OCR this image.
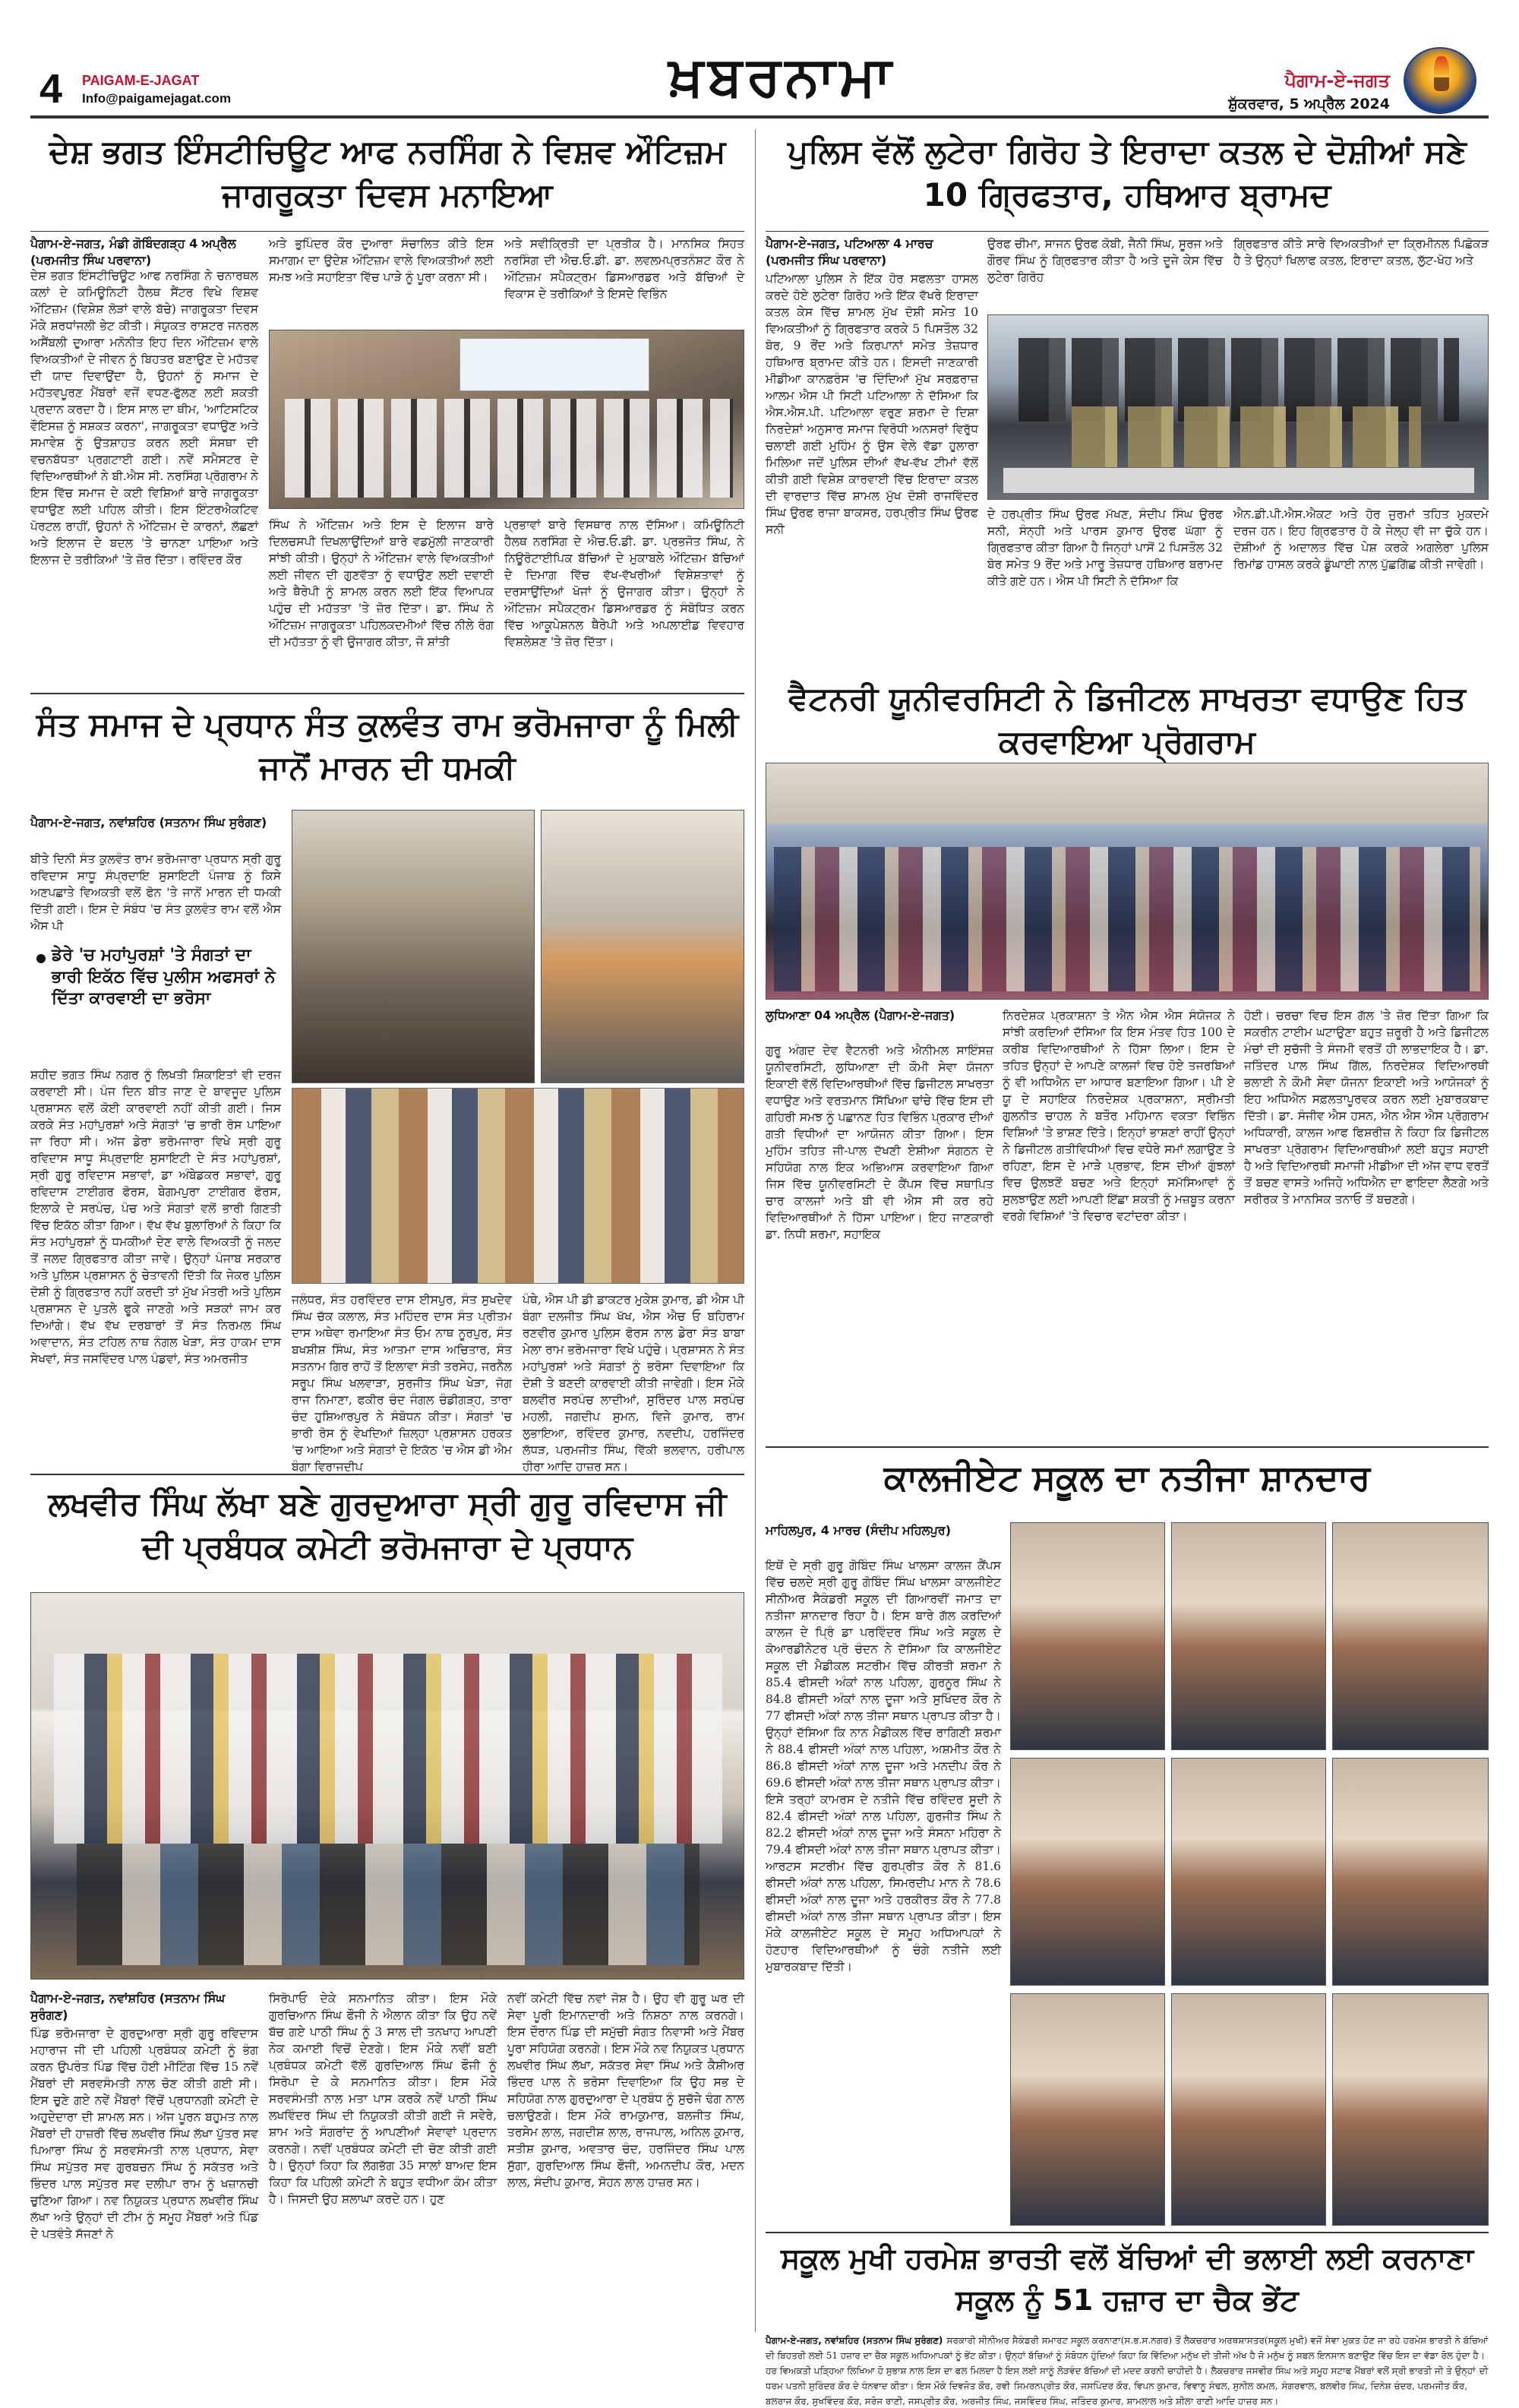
4 PAIGAM-E-JAGAT
Info@paigamejagat.com	ਖ਼ਬਰਨਾਮਾ	ਪੈਗਾਮ-ਏ-ਜਗਤ
ਸ਼ੁੱਕਰਵਾਰ, 5 ਅਪ੍ਰੈਲ 2024
ਦੇਸ਼ ਭਗਤ ਇੰਸਟੀਚਿਊਟ ਆਫ ਨਰਸਿੰਗ ਨੇ ਵਿਸ਼ਵ ਔਟਿਜ਼ਮ ਜਾਗਰੂਕਤਾ ਦਿਵਸ ਮਨਾਇਆ
ਪੈਗਾਮ-ਏ-ਜਗਤ, ਮੰਡੀ ਗੋਬਿੰਦਗੜ੍ਹ 4 ਅਪ੍ਰੈਲ (ਪਰਮਜੀਤ ਸਿੰਘ ਪਰਵਾਨਾ)
ਦੇਸ਼ ਭਗਤ ਇੰਸਟੀਚਿਊਟ ਆਫ ਨਰਸਿੰਗ ਨੇ ਚਨਾਰਥਲ ਕਲਾਂ ਦੇ ਕਮਿਊਨਿਟੀ ਹੈਲਥ ਸੈਂਟਰ ਵਿਖੇ ਵਿਸ਼ਵ ਔਟਿਜ਼ਮ (ਵਿਸ਼ੇਸ਼ ਲੋੜਾਂ ਵਾਲੇ ਬੱਚੇ) ਜਾਗਰੂਕਤਾ ਦਿਵਸ ਮੌਕੇ ਸ਼ਰਧਾਂਜਲੀ ਭੇਟ ਕੀਤੀ। ਸੰਯੁਕਤ ਰਾਸ਼ਟਰ ਜਨਰਲ ਅਸੈਂਬਲੀ ਦੁਆਰਾ ਮਨੋਨੀਤ ਇਹ ਦਿਨ ਔਟਿਜ਼ਮ ਵਾਲੇ ਵਿਅਕਤੀਆਂ ਦੇ ਜੀਵਨ ਨੂੰ ਬਿਹਤਰ ਬਣਾਉਣ ਦੇ ਮਹੱਤਵ ਦੀ ਯਾਦ ਦਿਵਾਉਂਦਾ ਹੈ, ਉਹਨਾਂ ਨੂੰ ਸਮਾਜ ਦੇ ਮਹੱਤਵਪੂਰਣ ਮੈਂਬਰਾਂ ਵਜੋਂ ਵਧਣ-ਫੁੱਲਣ ਲਈ ਸ਼ਕਤੀ ਪ੍ਰਦਾਨ ਕਰਦਾ ਹੈ। ਇਸ ਸਾਲ ਦਾ ਥੀਮ, 'ਆਟਿਸਟਿਕ ਵੌਇਸਜ਼ ਨੂੰ ਸਸ਼ਕਤ ਕਰਨਾ', ਜਾਗਰੂਕਤਾ ਵਧਾਉਣ ਅਤੇ ਸਮਾਵੇਸ਼ ਨੂੰ ਉਤਸ਼ਾਹਤ ਕਰਨ ਲਈ ਸੰਸਥਾ ਦੀ ਵਚਨਬੱਧਤਾ ਪ੍ਰਗਟਾਈ ਗਈ। ਨਵੇਂ ਸਮੈਸਟਰ ਦੇ ਵਿਦਿਆਰਥੀਆਂ ਨੇ ਬੀ.ਐਸ ਸੀ. ਨਰਸਿੰਗ ਪ੍ਰੋਗਰਾਮ ਨੇ ਇਸ ਵਿੱਚ ਸਮਾਜ ਦੇ ਕਈ ਵਿਸ਼ਿਆਂ ਬਾਰੇ ਜਾਗਰੂਕਤਾ ਵਧਾਉਣ ਲਈ ਪਹਿਲ ਕੀਤੀ। ਇਸ ਇੰਟਰਐਕਟਿਵ ਪੋਰਟਲ ਰਾਹੀਂ, ਉਹਨਾਂ ਨੇ ਔਟਿਜ਼ਮ ਦੇ ਕਾਰਨਾਂ, ਲੱਛਣਾਂ ਅਤੇ ਇਲਾਜ ਦੇ ਬਦਲ 'ਤੇ ਚਾਨਣਾ ਪਾਇਆ ਅਤੇ ਇਲਾਜ ਦੇ ਤਰੀਕਿਆਂ 'ਤੇ ਜ਼ੋਰ ਦਿੱਤਾ। ਰਵਿੰਦਰ ਕੌਰ
ਅਤੇ ਭੁਪਿੰਦਰ ਕੌਰ ਦੁਆਰਾ ਸੰਚਾਲਿਤ ਕੀਤੇ ਇਸ ਸਮਾਗਮ ਦਾ ਉਦੇਸ਼ ਔਟਿਜ਼ਮ ਵਾਲੇ ਵਿਅਕਤੀਆਂ ਲਈ ਸਮਝ ਅਤੇ ਸਹਾਇਤਾ ਵਿੱਚ ਪਾੜੇ ਨੂੰ ਪੂਰਾ ਕਰਨਾ ਸੀ।
ਅਤੇ ਸਵੀਕ੍ਰਿਤੀ ਦਾ ਪ੍ਰਤੀਕ ਹੈ। ਮਾਨਸਿਕ ਸਿਹਤ ਨਰਸਿੰਗ ਦੀ ਐਚ.ਓ.ਡੀ. ਡਾ. ਲਵਲਮਪ੍ਰਤਨੰਸ਼ਟ ਕੌਰ ਨੇ ਔਟਿਜ਼ਮ ਸਪੈਕਟ੍ਰਮ ਡਿਸਆਰਡਰ ਅਤੇ ਬੱਚਿਆਂ ਦੇ ਵਿਕਾਸ ਦੇ ਤਰੀਕਿਆਂ ਤੇ ਇਸਦੇ ਵਿਭਿੰਨ
ਸਿੰਘ ਨੇ ਔਟਿਜ਼ਮ ਅਤੇ ਇਸ ਦੇ ਇਲਾਜ ਬਾਰੇ ਦਿਲਚਸਪੀ ਦਿਖਲਾਉਂਦਿਆਂ ਬਾਰੇ ਵਡਮੁੱਲੀ ਜਾਣਕਾਰੀ ਸਾਂਝੀ ਕੀਤੀ। ਉਨ੍ਹਾਂ ਨੇ ਔਟਿਜ਼ਮ ਵਾਲੇ ਵਿਅਕਤੀਆਂ ਲਈ ਜੀਵਨ ਦੀ ਗੁਣਵੱਤਾ ਨੂੰ ਵਧਾਉਣ ਲਈ ਦਵਾਈ ਅਤੇ ਥੈਰੇਪੀ ਨੂੰ ਸ਼ਾਮਲ ਕਰਨ ਲਈ ਇੱਕ ਵਿਆਪਕ ਪਹੁੰਚ ਦੀ ਮਹੱਤਤਾ 'ਤੇ ਜ਼ੋਰ ਦਿੱਤਾ। ਡਾ. ਸਿੰਘ ਨੇ ਔਟਿਜ਼ਮ ਜਾਗਰੂਕਤਾ ਪਹਿਲਕਦਮੀਆਂ ਵਿੱਚ ਨੀਲੇ ਰੰਗ ਦੀ ਮਹੱਤਤਾ ਨੂੰ ਵੀ ਉਜਾਗਰ ਕੀਤਾ, ਜੋ ਸ਼ਾਂਤੀ
ਪ੍ਰਭਾਵਾਂ ਬਾਰੇ ਵਿਸਥਾਰ ਨਾਲ ਦੱਸਿਆ। ਕਮਿਊਨਿਟੀ ਹੈਲਥ ਨਰਸਿੰਗ ਦੇ ਐਚ.ਓ.ਡੀ. ਡਾ. ਪ੍ਰਭਜੋਤ ਸਿੰਘ, ਨੇ ਨਿਊਰੋਟਾਈਪਿਕ ਬੱਚਿਆਂ ਦੇ ਮੁਕਾਬਲੇ ਔਟਿਜ਼ਮ ਬੱਚਿਆਂ ਦੇ ਦਿਮਾਗ ਵਿੱਚ ਵੱਖ-ਵੱਖਰੀਆਂ ਵਿਸ਼ੇਸ਼ਤਾਵਾਂ ਨੂੰ ਦਰਸਾਉਂਦਿਆਂ ਖੋਜਾਂ ਨੂੰ ਉਜਾਗਰ ਕੀਤਾ। ਉਨ੍ਹਾਂ ਨੇ ਔਟਿਜ਼ਮ ਸਪੈਕਟ੍ਰਮ ਡਿਸਆਰਡਰ ਨੂੰ ਸੰਬੋਧਿਤ ਕਰਨ ਵਿੱਚ ਆਕੂਪੇਸ਼ਨਲ ਥੈਰੇਪੀ ਅਤੇ ਅਪਲਾਈਡ ਵਿਵਹਾਰ ਵਿਸ਼ਲੇਸ਼ਣ 'ਤੇ ਜ਼ੋਰ ਦਿੱਤਾ।
ਸੰਤ ਸਮਾਜ ਦੇ ਪ੍ਰਧਾਨ ਸੰਤ ਕੁਲਵੰਤ ਰਾਮ ਭਰੋਮਜਾਰਾ ਨੂੰ ਮਿਲੀ ਜਾਨੋਂ ਮਾਰਨ ਦੀ ਧਮਕੀ
ਪੈਗਾਮ-ਏ-ਜਗਤ, ਨਵਾਂਸ਼ਹਿਰ (ਸਤਨਾਮ ਸਿੰਘ ਸੁਰੰਗਣ)
ਬੀਤੇ ਦਿਨੀ ਸੰਤ ਕੁਲਵੰਤ ਰਾਮ ਭਰੋਮਜਾਰਾ ਪ੍ਰਧਾਨ ਸ੍ਰੀ ਗੁਰੂ ਰਵਿਦਾਸ ਸਾਧੂ ਸੰਪ੍ਰਦਾਇ ਸੁਸਾਇਟੀ ਪੰਜਾਬ ਨੂੰ ਕਿਸੇ ਅਣਪਛਾਤੇ ਵਿਅਕਤੀ ਵਲੋਂ ਫੋਨ 'ਤੇ ਜਾਨੋਂ ਮਾਰਨ ਦੀ ਧਮਕੀ ਦਿੱਤੀ ਗਈ। ਇਸ ਦੇ ਸੰਬੰਧ 'ਚ ਸੰਤ ਕੁਲਵੰਤ ਰਾਮ ਵਲੋਂ ਐਸ ਐਸ ਪੀ
ਡੇਰੇ 'ਚ ਮਹਾਂਪੁਰਸ਼ਾਂ 'ਤੇ ਸੰਗਤਾਂ ਦਾ ਭਾਰੀ ਇਕੱਠ ਵਿੱਚ ਪੁਲੀਸ ਅਫਸਰਾਂ ਨੇ ਦਿੱਤਾ ਕਾਰਵਾਈ ਦਾ ਭਰੋਸਾ
ਸ਼ਹੀਦ ਭਗਤ ਸਿੰਘ ਨਗਰ ਨੂੰ ਲਿਖਤੀ ਸ਼ਿਕਾਇਤਾਂ ਵੀ ਦਰਜ ਕਰਵਾਈ ਸੀ। ਪੰਜ ਦਿਨ ਬੀਤ ਜਾਣ ਦੇ ਬਾਵਜੂਦ ਪੁਲਿਸ ਪ੍ਰਸ਼ਾਸਨ ਵਲੋਂ ਕੋਈ ਕਾਰਵਾਈ ਨਹੀਂ ਕੀਤੀ ਗਈ। ਜਿਸ ਕਰਕੇ ਸੰਤ ਮਹਾਂਪੁਰਸ਼ਾਂ ਅਤੇ ਸੰਗਤਾਂ 'ਚ ਭਾਰੀ ਰੋਸ ਪਾਇਆ ਜਾ ਰਿਹਾ ਸੀ। ਅੱਜ ਡੇਰਾ ਭਰੋਮਜਾਰਾ ਵਿਖੇ ਸ੍ਰੀ ਗੁਰੂ ਰਵਿਦਾਸ ਸਾਧੂ ਸੰਪ੍ਰਦਾਇ ਸੁਸਾਇਟੀ ਦੇ ਸੰਤ ਮਹਾਂਪੁਰਸ਼ਾਂ, ਸ੍ਰੀ ਗੁਰੂ ਰਵਿਦਾਸ ਸਭਾਵਾਂ, ਡਾ ਅੰਬੇਡਕਰ ਸਭਾਵਾਂ, ਗੁਰੂ ਰਵਿਦਾਸ ਟਾਈਗਰ ਫੋਰਸ, ਬੇਗਮਪੁਰਾ ਟਾਈਗਰ ਫੋਰਸ, ਇਲਾਕੇ ਦੇ ਸਰਪੰਚ, ਪੰਚ ਅਤੇ ਸੰਗਤਾਂ ਵਲੋਂ ਭਾਰੀ ਗਿਣਤੀ ਵਿੱਚ ਇਕੱਠ ਕੀਤਾ ਗਿਆ। ਵੱਖ ਵੱਖ ਬੁਲਾਰਿਆਂ ਨੇ ਕਿਹਾ ਕਿ ਸੰਤ ਮਹਾਂਪੁਰਸ਼ਾਂ ਨੂੰ ਧਮਕੀਆਂ ਦੇਣ ਵਾਲੇ ਵਿਅਕਤੀ ਨੂੰ ਜਲਦ ਤੋਂ ਜਲਦ ਗ੍ਰਿਫਤਾਰ ਕੀਤਾ ਜਾਵੇ। ਉਨ੍ਹਾਂ ਪੰਜਾਬ ਸਰਕਾਰ ਅਤੇ ਪੁਲਿਸ ਪ੍ਰਸ਼ਾਸਨ ਨੂੰ ਚੇਤਾਵਨੀ ਦਿੱਤੀ ਕਿ ਜੇਕਰ ਪੁਲਿਸ ਦੋਸ਼ੀ ਨੂੰ ਗ੍ਰਿਫਤਾਰ ਨਹੀਂ ਕਰਦੀ ਤਾਂ ਮੁੱਖ ਮੰਤਰੀ ਅਤੇ ਪੁਲਿਸ ਪ੍ਰਸ਼ਾਸਨ ਦੇ ਪੁਤਲੇ ਫੂਕੇ ਜਾਣਗੇ ਅਤੇ ਸੜਕਾਂ ਜਾਮ ਕਰ ਦਿਆਂਗੇ। ਵੱਖ ਵੱਖ ਦਰਬਾਰਾਂ ਤੋਂ ਸੰਤ ਨਿਰਮਲ ਸਿੰਘ ਅਵਾਦਾਨ, ਸੰਤ ਟਹਿਲ ਨਾਥ ਨੰਗਲ ਖੇੜਾ, ਸੰਤ ਹਾਕਮ ਦਾਸ ਸੇਖਵਾਂ, ਸੰਤ ਜਸਵਿੰਦਰ ਪਾਲ ਪੰਡਵਾਂ, ਸੰਤ ਅਮਰਜੀਤ
ਜਲੰਧਰ, ਸੰਤ ਹਰਵਿੰਦਰ ਦਾਸ ਈਸਪੁਰ, ਸੰਤ ਸੁਖਦੇਵ ਸਿੰਘ ਚੱਕ ਕਲਾਲ, ਸੰਤ ਮਹਿੰਦਰ ਦਾਸ ਸੰਤ ਪ੍ਰੀਤਮ ਦਾਸ ਅਥੇਵਾ ਰਮਾਇਆ ਸੰਤ ਓਮ ਨਾਥ ਨੂਰਪੁਰ, ਸੰਤ ਬਖਸ਼ੀਸ਼ ਸਿੰਘ, ਸੰਤ ਆਤਮਾ ਦਾਸ ਅਚਿਤਾਰ, ਸੰਤ ਸਤਨਾਮ ਗਿਰ ਰਾਹੋਂ ਤੋਂ ਇਲਾਵਾ ਸੰਤੀ ਤਰਸੇਹ, ਜਰਨੈਲ ਸਰੂਪ ਸਿੰਘ ਖਲਵਾੜਾ, ਸੁਰਜੀਤ ਸਿੰਘ ਖੇੜਾ, ਜੋਗ ਰਾਜ ਨਿਮਾਣਾ, ਫਕੀਰ ਚੰਦ ਜੰਗਲ ਚੰਡੀਗੜ੍ਹ, ਤਾਰਾ ਚੰਦ ਹੁਸ਼ਿਆਰਪੁਰ ਨੇ ਸੰਬੋਧਨ ਕੀਤਾ। ਸੰਗਤਾਂ 'ਚ ਭਾਰੀ ਰੋਸ ਨੂੰ ਵੇਖਦਿਆਂ ਜ਼ਿਲ੍ਹਾ ਪ੍ਰਸ਼ਾਸਨ ਹਰਕਤ 'ਚ ਆਇਆ ਅਤੇ ਸੰਗਤਾਂ ਦੇ ਇਕੱਠ 'ਚ ਐਸ ਡੀ ਐਮ ਬੰਗਾ ਵਿਰਾਜਦੀਪ
ਪੰਥੇ, ਐਸ ਪੀ ਡੀ ਡਾਕਟਰ ਮੁਕੇਸ਼ ਕੁਮਾਰ, ਡੀ ਐਸ ਪੀ ਬੰਗਾ ਦਲਜੀਤ ਸਿੰਘ ਖੱਖ, ਐਸ ਐਚ ਓ ਬਹਿਰਾਮ ਰਣਵੀਰ ਕੁਮਾਰ ਪੁਲਿਸ ਫੋਰਸ ਨਾਲ ਡੇਰਾ ਸੰਤ ਬਾਬਾ ਮੇਲਾ ਰਾਮ ਭਰੋਮਜਾਰਾ ਵਿਖੇ ਪਹੁੰਚੇ। ਪ੍ਰਸ਼ਾਸਨ ਨੇ ਸੰਤ ਮਹਾਂਪੁਰਸ਼ਾਂ ਅਤੇ ਸੰਗਤਾਂ ਨੂੰ ਭਰੋਸਾ ਦਿਵਾਇਆ ਕਿ ਦੋਸ਼ੀ ਤੇ ਬਣਦੀ ਕਾਰਵਾਈ ਕੀਤੀ ਜਾਵੇਗੀ। ਇਸ ਮੌਕੇ ਬਲਵੀਰ ਸਰਪੰਚ ਲਾਦੀਆਂ, ਸੁਰਿੰਦਰ ਪਾਲ ਸਰਪੰਚ ਮਹਲੀ, ਜਗਦੀਪ ਸੁਮਨ, ਵਿਜੇ ਕੁਮਾਰ, ਰਾਮ ਲੁਭਾਇਆ, ਰਵਿੰਦਰ ਕੁਮਾਰ, ਨਵਦੀਪ, ਹਰਜਿੰਦਰ ਲੱਧੜ, ਪਰਮਜੀਤ ਸਿੰਘ, ਵਿੱਕੀ ਭਲਵਾਨ, ਹਰੀਪਾਲ ਹੀਰਾ ਆਦਿ ਹਾਜ਼ਰ ਸਨ।
ਲਖਵੀਰ ਸਿੰਘ ਲੱਖਾ ਬਣੇ ਗੁਰਦੁਆਰਾ ਸ੍ਰੀ ਗੁਰੂ ਰਵਿਦਾਸ ਜੀ ਦੀ ਪ੍ਰਬੰਧਕ ਕਮੇਟੀ ਭਰੋਮਜਾਰਾ ਦੇ ਪ੍ਰਧਾਨ
ਪੈਗਾਮ-ਏ-ਜਗਤ, ਨਵਾਂਸ਼ਹਿਰ (ਸਤਨਾਮ ਸਿੰਘ ਸੁਰੰਗਣ)
ਪਿੰਡ ਭਰੋਮਜਾਰਾ ਦੇ ਗੁਰਦੁਆਰਾ ਸ੍ਰੀ ਗੁਰੂ ਰਵਿਦਾਸ ਮਹਾਰਾਜ ਜੀ ਦੀ ਪਹਿਲੀ ਪ੍ਰਬੰਧਕ ਕਮੇਟੀ ਨੂੰ ਭੰਗ ਕਰਨ ਉਪਰੰਤ ਪਿੰਡ ਵਿੱਚ ਹੋਈ ਮੀਟਿੰਗ ਵਿੱਚ 15 ਨਵੇਂ ਮੈਂਬਰਾਂ ਦੀ ਸਰਵਸੰਮਤੀ ਨਾਲ ਚੋਣ ਕੀਤੀ ਗਈ ਸੀ। ਇਸ ਚੁਣੇ ਗਏ ਨਵੇਂ ਮੈਂਬਰਾਂ ਵਿੱਚੋਂ ਪ੍ਰਧਾਨਗੀ ਕਮੇਟੀ ਦੇ ਅਹੁਦੇਦਾਰਾ ਦੀ ਸ਼ਾਮਲ ਸਨ। ਅੱਜ ਪੂਰਨ ਬਹੁਮਤ ਨਾਲ ਮੈਂਬਰਾਂ ਦੀ ਹਾਜ਼ਰੀ ਵਿੱਚ ਲਖਵੀਰ ਸਿੰਘ ਲੱਖਾ ਪੁੱਤਰ ਸਵ ਪਿਆਰਾ ਸਿੰਘ ਨੂੰ ਸਰਵਸੰਮਤੀ ਨਾਲ ਪ੍ਰਧਾਨ, ਸੇਵਾ ਸਿੰਘ ਸਪੁੱਤਰ ਸਵ ਗੁਰਬਚਨ ਸਿੰਘ ਨੂੰ ਸਕੱਤਰ ਅਤੇ ਭਿੰਦਰ ਪਾਲ ਸਪੁੱਤਰ ਸਵ ਦਲੀਪਾ ਰਾਮ ਨੂੰ ਖਜ਼ਾਨਚੀ ਚੁਣਿਆ ਗਿਆ। ਨਵ ਨਿਯੁਕਤ ਪ੍ਰਧਾਨ ਲਖਵੀਰ ਸਿੰਘ ਲੱਖਾ ਅਤੇ ਉਨ੍ਹਾਂ ਦੀ ਟੀਮ ਨੂੰ ਸਮੂਹ ਮੈਂਬਰਾਂ ਅਤੇ ਪਿੰਡ ਦੇ ਪਤਵੰਤੇ ਸੱਜਣਾਂ ਨੇ
ਸਿਰੋਪਾਓ ਦੇਕੇ ਸਨਮਾਨਿਤ ਕੀਤਾ। ਇਸ ਮੌਕੇ ਗੁਰਚਿਆਨ ਸਿੰਘ ਫੌਜੀ ਨੇ ਐਲਾਨ ਕੀਤਾ ਕਿ ਉਹ ਨਵੇਂ ਬੱਚ ਗਏ ਪਾਠੀ ਸਿੰਘ ਨੂੰ 3 ਸਾਲ ਦੀ ਤਨਖਾਹ ਆਪਣੀ ਨੇਕ ਕਮਾਈ ਵਿਚੋਂ ਦੇਣਗੇ। ਇਸ ਮੌਕੇ ਨਵੀਂ ਬਣੀ ਪ੍ਰਬੰਧਕ ਕਮੇਟੀ ਵੱਲੋਂ ਗੁਰਦਿਆਲ ਸਿੰਘ ਫੌਜੀ ਨੂੰ ਸਿਰੋਪਾ ਦੇ ਕੇ ਸਨਮਾਨਿਤ ਕੀਤਾ। ਇਸ ਮੌਕੇ ਸਰਵਸੰਮਤੀ ਨਾਲ ਮਤਾ ਪਾਸ ਕਰਕੇ ਨਵੇਂ ਪਾਠੀ ਸਿੰਘ ਲਖਵਿੰਦਰ ਸਿੰਘ ਦੀ ਨਿਯੁਕਤੀ ਕੀਤੀ ਗਈ ਜੋ ਸਵੇਰੇ, ਸ਼ਾਮ ਅਤੇ ਸੰਗਰਾਂਦ ਨੂੰ ਆਪਣੀਆਂ ਸੇਵਾਵਾਂ ਪ੍ਰਦਾਨ ਕਰਨਗੇ। ਨਵੀਂ ਪ੍ਰਬੰਧਕ ਕਮੇਟੀ ਦੀ ਚੋਣ ਕੀਤੀ ਗਈ ਹੈ। ਉਨ੍ਹਾਂ ਕਿਹਾ ਕਿ ਲੱਗਭੱਗ 35 ਸਾਲਾਂ ਬਾਅਦ ਇਸ ਕਿਹਾ ਕਿ ਪਹਿਲੀ ਕਮੇਟੀ ਨੇ ਬਹੁਤ ਵਧੀਆ ਕੰਮ ਕੀਤਾ ਹੈ। ਜਿਸਦੀ ਉਹ ਸ਼ਲਾਘਾ ਕਰਦੇ ਹਨ। ਹੁਣ
ਨਵੀਂ ਕਮੇਟੀ ਵਿੱਚ ਨਵਾਂ ਜੋਸ਼ ਹੈ। ਉਹ ਵੀ ਗੁਰੂ ਘਰ ਦੀ ਸੇਵਾ ਪੂਰੀ ਇਮਾਨਦਾਰੀ ਅਤੇ ਨਿਸ਼ਠਾ ਨਾਲ ਕਰਨਗੇ। ਇਸ ਦੌਰਾਨ ਪਿੰਡ ਦੀ ਸਮੁੱਚੀ ਸੰਗਤ ਨਿਵਾਸੀ ਅਤੇ ਮੈਂਬਰ ਪੂਰਾ ਸਹਿਯੋਗ ਕਰਨਗੇ। ਇਸ ਮੌਕੇ ਨਵ ਨਿਯੁਕਤ ਪ੍ਰਧਾਨ ਲਖਵੀਰ ਸਿੰਘ ਲੱਖਾ, ਸਕੱਤਰ ਸੇਵਾ ਸਿੰਘ ਅਤੇ ਕੈਸ਼ੀਅਰ ਭਿੰਦਰ ਪਾਲ ਨੇ ਭਰੋਸਾ ਦਿਵਾਇਆ ਕਿ ਉਹ ਸਭ ਦੇ ਸਹਿਯੋਗ ਨਾਲ ਗੁਰਦੁਆਰਾ ਦੇ ਪ੍ਰਬੰਧ ਨੂੰ ਸੁਚੱਜੇ ਢੰਗ ਨਾਲ ਚਲਾਉਣਗੇ। ਇਸ ਮੌਕੇ ਰਾਮਕੁਮਾਰ, ਬਲਜੀਤ ਸਿੰਘ, ਤਰਸੇਮ ਲਾਲ, ਜਗਦੀਸ਼ ਲਾਲ, ਰਾਜਪਾਲ, ਅਨਿਲ ਕੁਮਾਰ, ਸਤੀਸ਼ ਕੁਮਾਰ, ਅਵਤਾਰ ਚੰਦ, ਹਰਜਿੰਦਰ ਸਿੰਘ ਪਾਲ ਸੁੱਗਾ, ਗੁਰਦਿਆਲ ਸਿੰਘ ਫੌਜੀ, ਅਮਨਦੀਪ ਕੌਰ, ਮਦਨ ਲਾਲ, ਸੰਦੀਪ ਕੁਮਾਰ, ਸੋਹਨ ਲਾਲ ਹਾਜ਼ਰ ਸਨ।
ਪੁਲਿਸ ਵੱਲੋਂ ਲੁਟੇਰਾ ਗਿਰੋਹ ਤੇ ਇਰਾਦਾ ਕਤਲ ਦੇ ਦੋਸ਼ੀਆਂ ਸਣੇ 10 ਗ੍ਰਿਫਤਾਰ, ਹਥਿਆਰ ਬ੍ਰਾਮਦ
ਪੈਗਾਮ-ਏ-ਜਗਤ, ਪਟਿਆਲਾ 4 ਮਾਰਚ (ਪਰਮਜੀਤ ਸਿੰਘ ਪਰਵਾਨਾ)
ਪਟਿਆਲਾ ਪੁਲਿਸ ਨੇ ਇੱਕ ਹੋਰ ਸਫਲਤਾ ਹਾਸਲ ਕਰਦੇ ਹੋਏ ਲੁਟੇਰਾ ਗਿਰੋਹ ਅਤੇ ਇੱਕ ਵੱਖਰੇ ਇਰਾਦਾ ਕਤਲ ਕੇਸ ਵਿੱਚ ਸ਼ਾਮਲ ਮੁੱਖ ਦੋਸ਼ੀ ਸਮੇਤ 10 ਵਿਅਕਤੀਆਂ ਨੂੰ ਗ੍ਰਿਫਤਾਰ ਕਰਕੇ 5 ਪਿਸਤੌਲ 32 ਬੋਰ, 9 ਰੌਂਦ ਅਤੇ ਕਿਰਪਾਨਾਂ ਸਮੇਤ ਤੇਜ਼ਧਾਰ ਹਥਿਆਰ ਬ੍ਰਾਮਦ ਕੀਤੇ ਹਨ। ਇਸਦੀ ਜਾਣਕਾਰੀ ਮੀਡੀਆ ਕਾਨਫ਼ਰੰਸ 'ਚ ਦਿੰਦਿਆਂ ਮੁੱਖ ਸਰਫ਼ਰਾਜ਼ ਆਲਮ ਐਸ ਪੀ ਸਿਟੀ ਪਟਿਆਲਾ ਨੇ ਦੱਸਿਆ ਕਿ ਐਸ.ਐਸ.ਪੀ. ਪਟਿਆਲਾ ਵਰੁਣ ਸ਼ਰਮਾ ਦੇ ਦਿਸ਼ਾ ਨਿਰਦੇਸ਼ਾਂ ਅਨੁਸਾਰ ਸਮਾਜ ਵਿਰੋਧੀ ਅਨਸਰਾਂ ਵਿਰੁੱਧ ਚਲਾਈ ਗਈ ਮੁਹਿੰਮ ਨੂੰ ਉਸ ਵੇਲੇ ਵੱਡਾ ਹੁਲਾਰਾ ਮਿਲਿਆ ਜਦੋਂ ਪੁਲਿਸ ਦੀਆਂ ਵੱਖ-ਵੱਖ ਟੀਮਾਂ ਵੱਲੋਂ ਕੀਤੀ ਗਈ ਵਿਸ਼ੇਸ਼ ਕਾਰਵਾਈ ਵਿੱਚ ਇਰਾਦਾ ਕਤਲ ਦੀ ਵਾਰਦਾਤ ਵਿੱਚ ਸ਼ਾਮਲ ਮੁੱਖ ਦੋਸ਼ੀ ਰਾਜਵਿੰਦਰ ਸਿੰਘ ਉਰਫ ਰਾਜਾ ਬਾਕਸਰ, ਹਰਪ੍ਰੀਤ ਸਿੰਘ ਉਰਫ ਸਨੀ
ਉਰਫ ਚੀਮਾ, ਸਾਜਨ ਉਰਫ ਕੋਬੀ, ਜੈਨੀ ਸਿੰਘ, ਸੂਰਜ ਅਤੇ ਗੌਰਵ ਸਿੰਘ ਨੂੰ ਗ੍ਰਿਫਤਾਰ ਕੀਤਾ ਹੈ ਅਤੇ ਦੂਜੇ ਕੇਸ ਵਿੱਚ ਲੁਟੇਰਾ ਗਿਰੋਹ
ਗ੍ਰਿਫਤਾਰ ਕੀਤੇ ਸਾਰੇ ਵਿਅਕਤੀਆਂ ਦਾ ਕ੍ਰਿਮੀਨਲ ਪਿਛੋਕੜ ਹੈ ਤੇ ਉਨ੍ਹਾਂ ਖਿਲਾਫ ਕਤਲ, ਇਰਾਦਾ ਕਤਲ, ਲੁੱਟ-ਖੋਹ ਅਤੇ
ਦੇ ਹਰਪ੍ਰੀਤ ਸਿੰਘ ਉਰਫ ਮੱਖਣ, ਸੰਦੀਪ ਸਿੰਘ ਉਰਫ ਸਨੀ, ਸੰਨ੍ਹੀ ਅਤੇ ਪਾਰਸ ਕੁਮਾਰ ਉਰਫ ਘੱਗਾ ਨੂੰ ਗ੍ਰਿਫਤਾਰ ਕੀਤਾ ਗਿਆ ਹੈ ਜਿਨ੍ਹਾਂ ਪਾਸੋਂ 2 ਪਿਸਤੌਲ 32 ਬੋਰ ਸਮੇਤ 9 ਰੌਂਦ ਅਤੇ ਮਾਰੂ ਤੇਜ਼ਧਾਰ ਹਥਿਆਰ ਬਰਾਮਦ ਕੀਤੇ ਗਏ ਹਨ। ਐਸ ਪੀ ਸਿਟੀ ਨੇ ਦੱਸਿਆ ਕਿ
ਐਨ.ਡੀ.ਪੀ.ਐਸ.ਐਕਟ ਅਤੇ ਹੋਰ ਜੁਰਮਾਂ ਤਹਿਤ ਮੁਕਦਮੇ ਦਰਜ ਹਨ। ਇਹ ਗ੍ਰਿਫਤਾਰ ਹੋ ਕੇ ਜੇਲ੍ਹ ਵੀ ਜਾ ਚੁੱਕੇ ਹਨ। ਦੋਸ਼ੀਆਂ ਨੂੰ ਅਦਾਲਤ ਵਿੱਚ ਪੇਸ਼ ਕਰਕੇ ਅਗਲੇਰਾ ਪੁਲਿਸ ਰਿਮਾਂਡ ਹਾਸਲ ਕਰਕੇ ਡੂੰਘਾਈ ਨਾਲ ਪੁੱਛਗਿੱਛ ਕੀਤੀ ਜਾਵੇਗੀ।
ਵੈਟਨਰੀ ਯੂਨੀਵਰਸਿਟੀ ਨੇ ਡਿਜੀਟਲ ਸਾਖਰਤਾ ਵਧਾਉਣ ਹਿਤ ਕਰਵਾਇਆ ਪ੍ਰੋਗਰਾਮ
ਲੁਧਿਆਣਾ 04 ਅਪ੍ਰੈਲ (ਪੈਗਾਮ-ਏ-ਜਗਤ)
ਗੁਰੂ ਅੰਗਦ ਦੇਵ ਵੈਟਨਰੀ ਅਤੇ ਐਨੀਮਲ ਸਾਇੰਸਜ਼ ਯੂਨੀਵਰਸਿਟੀ, ਲੁਧਿਆਣਾ ਦੀ ਕੌਮੀ ਸੇਵਾ ਯੋਜਨਾ ਇਕਾਈ ਵੱਲੋਂ ਵਿਦਿਆਰਥੀਆਂ ਵਿੱਚ ਡਿਜੀਟਲ ਸਾਖਰਤਾ ਵਧਾਉਣ ਅਤੇ ਵਰਤਮਾਨ ਸਿੱਖਿਆ ਢਾਂਚੇ ਵਿੱਚ ਇਸ ਦੀ ਗਹਿਰੀ ਸਮਝ ਨੂੰ ਪਛਾਨਣ ਹਿਤ ਵਿਭਿੰਨ ਪ੍ਰਕਾਰ ਦੀਆਂ ਗਤੀ ਵਿਧੀਆਂ ਦਾ ਆਯੋਜਨ ਕੀਤਾ ਗਿਆ। ਇਸ ਮੁਹਿੰਮ ਤਹਿਤ ਜੀ-ਪਾਲ ਦੱਖਣੀ ਏਸ਼ੀਆ ਸੰਗਠਨ ਦੇ ਸਹਿਯੋਗ ਨਾਲ ਇਕ ਅਭਿਆਸ ਕਰਵਾਇਆ ਗਿਆ ਜਿਸ ਵਿੱਚ ਯੂਨੀਵਰਸਿਟੀ ਦੇ ਕੈਂਪਸ ਵਿੱਚ ਸਥਾਪਿਤ ਚਾਰ ਕਾਲਜਾਂ ਅਤੇ ਬੀ ਵੀ ਐਸ ਸੀ ਕਰ ਰਹੇ ਵਿਦਿਆਰਥੀਆਂ ਨੇ ਹਿੱਸਾ ਪਾਇਆ। ਇਹ ਜਾਣਕਾਰੀ ਡਾ. ਨਿਧੀ ਸ਼ਰਮਾ, ਸਹਾਇਕ
ਨਿਰਦੇਸ਼ਕ ਪ੍ਰਕਾਸ਼ਨਾ ਤੇ ਐਨ ਐਸ ਐਸ ਸੰਯੋਜਕ ਨੇ ਸਾਂਝੀ ਕਰਦਿਆਂ ਦੱਸਿਆ ਕਿ ਇਸ ਮੰਤਵ ਹਿਤ 100 ਦੇ ਕਰੀਬ ਵਿਦਿਆਰਥੀਆਂ ਨੇ ਹਿੱਸਾ ਲਿਆ। ਇਸ ਦੇ ਤਹਿਤ ਉਨ੍ਹਾਂ ਦੇ ਆਪਣੇ ਕਾਲਜਾਂ ਵਿਚ ਹੋਏ ਤਜਰਬਿਆਂ ਨੂੰ ਵੀ ਅਧਿਐਨ ਦਾ ਆਧਾਰ ਬਣਾਇਆ ਗਿਆ। ਪੀ ਏ ਯੂ ਦੇ ਸਹਾਇਕ ਨਿਰਦੇਸ਼ਕ ਪ੍ਰਕਾਸ਼ਨਾ, ਸ੍ਰੀਮਤੀ ਗੁਲਨੀਤ ਚਾਹਲ ਨੇ ਬਤੌਰ ਮਹਿਮਾਨ ਵਕਤਾ ਵਿਭਿੰਨ ਵਿਸ਼ਿਆਂ 'ਤੇ ਭਾਸ਼ਣ ਦਿੱਤੇ। ਇਨ੍ਹਾਂ ਭਾਸ਼ਣਾਂ ਰਾਹੀਂ ਉਨ੍ਹਾਂ ਨੇ ਡਿਜੀਟਲ ਗਤੀਵਿਧੀਆਂ ਵਿਚ ਵਧੇਰੇ ਸਮਾਂ ਲਗਾਉਣ ਤੇ ਰਹਿਣਾ, ਇਸ ਦੇ ਮਾੜੇ ਪ੍ਰਭਾਵ, ਇਸ ਦੀਆਂ ਗੁੰਝਲਾਂ ਵਿਚ ਉਲਝਣੋਂ ਬਚਣ ਅਤੇ ਇਨ੍ਹਾਂ ਸਮੱਸਿਆਵਾਂ ਨੂੰ ਸੁਲਝਾਉਣ ਲਈ ਆਪਣੀ ਇੱਛਾ ਸ਼ਕਤੀ ਨੂੰ ਮਜ਼ਬੂਤ ਕਰਨਾ ਵਰਗੇ ਵਿਸ਼ਿਆਂ 'ਤੇ ਵਿਚਾਰ ਵਟਾਂਦਰਾ ਕੀਤਾ।
ਹੋਈ। ਚਰਚਾ ਵਿਚ ਇਸ ਗੱਲ 'ਤੇ ਜ਼ੋਰ ਦਿੱਤਾ ਗਿਆ ਕਿ ਸਕਰੀਨ ਟਾਈਮ ਘਟਾਉਣਾ ਬਹੁਤ ਜ਼ਰੂਰੀ ਹੈ ਅਤੇ ਡਿਜੀਟਲ ਮੰਚਾਂ ਦੀ ਸੁਚੱਜੀ ਤੇ ਸੰਜਮੀ ਵਰਤੋਂ ਹੀ ਲਾਭਦਾਇਕ ਹੈ। ਡਾ. ਜਤਿੰਦਰ ਪਾਲ ਸਿੰਘ ਗਿੱਲ, ਨਿਰਦੇਸ਼ਕ ਵਿਦਿਆਰਥੀ ਭਲਾਈ ਨੇ ਕੌਮੀ ਸੇਵਾ ਯੋਜਨਾ ਇਕਾਈ ਅਤੇ ਆਯੋਜਕਾਂ ਨੂੰ ਇਹ ਅਧਿਐਨ ਸਫ਼ਲਤਾਪੂਰਵਕ ਕਰਨ ਲਈ ਮੁਬਾਰਕਬਾਦ ਦਿੱਤੀ। ਡਾ. ਸੰਜੀਵ ਐਸ ਹਸਨ, ਐਨ ਐਸ ਐਸ ਪ੍ਰੋਗਰਾਮ ਅਧਿਕਾਰੀ, ਕਾਲਜ ਆਫ ਫਿਸ਼ਰੀਜ਼ ਨੇ ਕਿਹਾ ਕਿ ਡਿਜੀਟਲ ਸਾਖਰਤਾ ਪ੍ਰੋਗਰਾਮ ਵਿਦਿਆਰਥੀਆਂ ਲਈ ਬਹੁਤ ਸਹਾਈ ਹੈ ਅਤੇ ਵਿਦਿਆਰਥੀ ਸਮਾਜੀ ਮੀਡੀਆ ਦੀ ਅੱਜ ਵਾਧ ਵਰਤੋਂ ਤੋਂ ਬਚਣ ਵਾਸਤੇ ਅਜਿਹੇ ਅਧਿਐਨ ਦਾ ਫਾਇਦਾ ਲੈਣਗੇ ਅਤੇ ਸਰੀਰਕ ਤੇ ਮਾਨਸਿਕ ਤਨਾਓ ਤੋਂ ਬਚਣਗੇ।
ਕਾਲਜੀਏਟ ਸਕੂਲ ਦਾ ਨਤੀਜਾ ਸ਼ਾਨਦਾਰ
ਮਾਹਿਲਪੁਰ, 4 ਮਾਰਚ (ਸੰਦੀਪ ਮਹਿਲਪੁਰ)
ਇਥੋਂ ਦੇ ਸ੍ਰੀ ਗੁਰੂ ਗੋਬਿੰਦ ਸਿੰਘ ਖਾਲਸਾ ਕਾਲਜ ਕੈਂਪਸ ਵਿੱਚ ਚਲਦੇ ਸ੍ਰੀ ਗੁਰੂ ਗੋਬਿੰਦ ਸਿੰਘ ਖਾਲਸਾ ਕਾਲਜੀਏਟ ਸੀਨੀਅਰ ਸੈਕੰਡਰੀ ਸਕੂਲ ਦੀ ਗਿਆਰਵੀਂ ਜਮਾਤ ਦਾ ਨਤੀਜਾ ਸ਼ਾਨਦਾਰ ਰਿਹਾ ਹੈ। ਇਸ ਬਾਰੇ ਗੱਲ ਕਰਦਿਆਂ ਕਾਲਜ ਦੇ ਪ੍ਰਿੰ ਡਾ ਪਰਵਿੰਦਰ ਸਿੰਘ ਅਤੇ ਸਕੂਲ ਦੇ ਕੋਆਰਡੀਨੇਟਰ ਪ੍ਰੋ ਚੰਦਨ ਨੇ ਦੱਸਿਆ ਕਿ ਕਾਲਜੀਏਟ ਸਕੂਲ ਦੀ ਮੈਡੀਕਲ ਸਟਰੀਮ ਵਿੱਚ ਕੀਰਤੀ ਸ਼ਰਮਾ ਨੇ 85.4 ਫੀਸਦੀ ਅੰਕਾਂ ਨਾਲ ਪਹਿਲਾ, ਗੁਰਨੂਰ ਸਿੰਘ ਨੇ 84.8 ਫੀਸਦੀ ਅੰਕਾਂ ਨਾਲ ਦੂਜਾ ਅਤੇ ਸੁਖਿੰਦਰ ਕੌਰ ਨੇ 77 ਫੀਸਦੀ ਅੰਕਾਂ ਨਾਲ ਤੀਜਾ ਸਥਾਨ ਪ੍ਰਾਪਤ ਕੀਤਾ ਹੈ। ਉਨ੍ਹਾਂ ਦੱਸਿਆ ਕਿ ਨਾਨ ਮੈਡੀਕਲ ਵਿੱਚ ਰਾਗਿਣੀ ਸ਼ਰਮਾ ਨੇ 88.4 ਫੀਸਦੀ ਅੰਕਾਂ ਨਾਲ ਪਹਿਲਾ, ਅਸ਼ਮੀਤ ਕੌਰ ਨੇ 86.8 ਫੀਸਦੀ ਅੰਕਾਂ ਨਾਲ ਦੂਜਾ ਅਤੇ ਮਨਦੀਪ ਕੌਰ ਨੇ 69.6 ਫੀਸਦੀ ਅੰਕਾਂ ਨਾਲ ਤੀਜਾ ਸਥਾਨ ਪ੍ਰਾਪਤ ਕੀਤਾ। ਇਸੇ ਤਰ੍ਹਾਂ ਕਾਮਰਸ ਦੇ ਨਤੀਜੇ ਵਿੱਚ ਰਵਿੰਦਰ ਸੂਦੀ ਨੇ 82.4 ਫੀਸਦੀ ਅੰਕਾਂ ਨਾਲ ਪਹਿਲਾ, ਗੁਰਜੀਤ ਸਿੰਘ ਨੇ 82.2 ਫੀਸਦੀ ਅੰਕਾਂ ਨਾਲ ਦੂਜਾ ਅਤੇ ਸੰਸਨਾ ਮਹਿਰਾ ਨੇ 79.4 ਫੀਸਦੀ ਅੰਕਾਂ ਨਾਲ ਤੀਜਾ ਸਥਾਨ ਪ੍ਰਾਪਤ ਕੀਤਾ। ਆਰਟਸ ਸਟਰੀਮ ਵਿੱਚ ਗੁਰਪ੍ਰੀਤ ਕੌਰ ਨੇ 81.6 ਫੀਸਦੀ ਅੰਕਾਂ ਨਾਲ ਪਹਿਲਾ, ਸਿਮਰਦੀਪ ਮਾਨ ਨੇ 78.6 ਫੀਸਦੀ ਅੰਕਾਂ ਨਾਲ ਦੂਜਾ ਅਤੇ ਹਰਕੀਰਤ ਕੌਰ ਨੇ 77.8 ਫੀਸਦੀ ਅੰਕਾਂ ਨਾਲ ਤੀਜਾ ਸਥਾਨ ਪ੍ਰਾਪਤ ਕੀਤਾ। ਇਸ ਮੌਕੇ ਕਾਲਜੀਏਟ ਸਕੂਲ ਦੇ ਸਮੂਹ ਅਧਿਆਪਕਾਂ ਨੇ ਹੋਣਹਾਰ ਵਿਦਿਆਰਥੀਆਂ ਨੂੰ ਚੰਗੇ ਨਤੀਜੇ ਲਈ ਮੁਬਾਰਕਬਾਦ ਦਿੱਤੀ।
ਸਕੂਲ ਮੁਖੀ ਹਰਮੇਸ਼ ਭਾਰਤੀ ਵਲੋਂ ਬੱਚਿਆਂ ਦੀ ਭਲਾਈ ਲਈ ਕਰਨਾਣਾ ਸਕੂਲ ਨੂੰ 51 ਹਜ਼ਾਰ ਦਾ ਚੈਕ ਭੇਂਟ
ਪੈਗਾਮ-ਏ-ਜਗਤ, ਨਵਾਂਸ਼ਹਿਰ (ਸਤਨਾਮ ਸਿੰਘ ਸੁਰੰਗਣ) ਸਰਕਾਰੀ ਸੀਨੀਅਰ ਸੈਕੰਡਰੀ ਸਮਾਰਟ ਸਕੂਲ ਕਰਨਾਣਾ(ਸ.ਭ.ਸ.ਨਗਰ) ਤੋਂ ਲੈਕਚਰਾਰ ਅਰਥਸ਼ਾਸਤਰ(ਸਕੂਲ ਮੁਖੀ) ਵਜੋਂ ਸੇਵਾ ਮੁਕਤ ਹੋਣ ਜਾ ਰਹੇ ਹਰਮੇਸ਼ ਭਾਰਤੀ ਨੇ ਬੱਚਿਆਂ ਦੀ ਬਿਹਤਰੀ ਲਈ 51 ਹਜ਼ਾਰ ਦਾ ਚੈਕ ਸਕੂਲ ਅਧਿਆਪਕਾਂ ਨੂੰ ਭੇਂਟ ਕੀਤਾ। ਉਨ੍ਹਾਂ ਬੱਚਿਆਂ ਨੂੰ ਸੰਬੋਧਨ ਹੁੰਦਿਆਂ ਕਿਹਾ ਕਿ ਵਿੱਦਿਆ ਮਨੁੱਖ ਦੀ ਤੀਜੀ ਅੱਖ ਹੈ ਜੋ ਮਨੁੱਖ ਨੂੰ ਸਫਲ ਇਨਸਾਨ ਬਣਾਉਣ ਵਿੱਚ ਇਸ ਦਾ ਵੱਡਾ ਰੋਲ ਹੁੰਦਾ ਹੈ। ਹਰ ਵਿਅਕਤੀ ਪੜ੍ਹਿਆ ਲਿਖਿਆ ਹੋ ਸੁਭਾਸ਼ ਨਾਲ ਇਸ ਦਾ ਫਲ ਮਿਲਦਾ ਹੈ ਇਸ ਲਈ ਸਾਨੂੰ ਲੋੜਵੰਦ ਬੱਚਿਆਂ ਦੀ ਮਦਦ ਕਰਨੀ ਚਾਹੀਦੀ ਹੈ। ਲੈਕਚਰਾਰ ਜਸਵੀਰ ਸਿੰਘ ਅਤੇ ਸਮੂਹ ਸਟਾਫ ਮੈਂਬਰਾਂ ਵਲੋਂ ਸ੍ਰੀ ਭਾਰਤੀ ਜੀ ਤੇ ਉਨ੍ਹਾਂ ਦੀ ਧਰਮ ਪਤਨੀ ਸੁਰਿੰਦਰ ਕੌਰ ਦੇ ਧੰਨਵਾਦ ਕੀਤਾ। ਇਸ ਮੌਕੇ ਦਿਵਜੋਤ ਕੌਰ, ਰਵੀ ਸਿਮਰਨਪ੍ਰੀਤ ਕੌਰ, ਜਸਪਿੰਦਰ ਕੌਰ, ਵਿਪਨ ਕੁਮਾਰ, ਵਿਵਾਨੂ ਸੰਢਲ, ਸੁਨੀਲ ਕਮਲ, ਸੰਗਰਵਾਲ, ਬਲਵੀਰ ਸਿੰਘ, ਦਿਨੇਸ਼ ਚੰਦਰ, ਪਰਮਜੀਤ ਕੌਰ, ਬਲਰਾਜ ਕੌਰ, ਸੁਖਵਿੰਦਰ ਕੌਰ, ਸਰੋਜ ਰਾਣੀ, ਜਸਪ੍ਰੀਤ ਕੌਰ, ਅਰਜੀਤ ਸਿੰਘ, ਜਸਵਿੰਦਰ ਸਿੰਘ, ਜਤਿੰਦਰ ਕੁਮਾਰ, ਸ਼ਾਮਲਾਲ ਅਤੇ ਸ਼ੀਲਾ ਰਾਣੀ ਆਦਿ ਹਾਜ਼ਰ ਸਨ।
